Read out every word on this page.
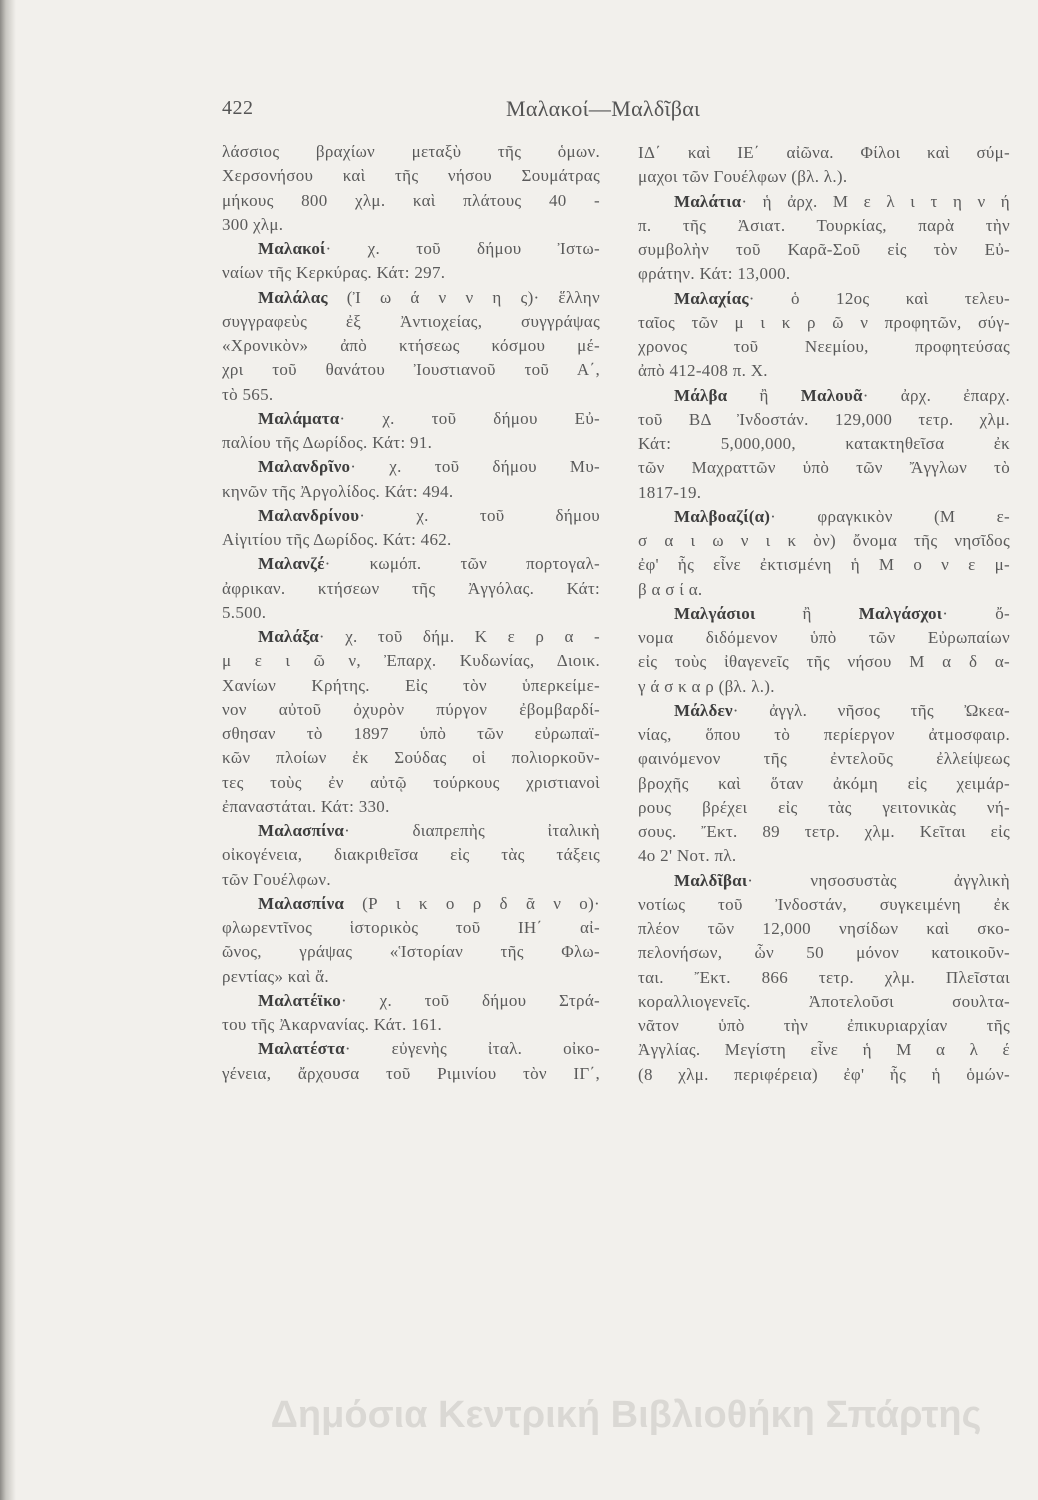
422	Μαλακοί—Μαλδῖβαι
λάσσιος βραχίων μεταξὺ τῆς ὁμων.
Χερσονήσου καὶ τῆς νήσου Σουμάτρας
μήκους 800 χλμ. καὶ πλάτους 40 -
300 χλμ.
Μαλακοί· χ. τοῦ δήμου Ἰστω-
ναίων τῆς Κερκύρας. Κάτ: 297.
Μαλάλας (Ἰ ω ά ν ν η ς)· ἕλλην
συγγραφεὺς ἐξ Ἀντιοχείας, συγγράψας
«Χρονικὸν» ἀπὸ κτήσεως κόσμου μέ-
χρι τοῦ θανάτου Ἰουστιανοῦ τοῦ Α΄,
τὸ 565.
Μαλάματα· χ. τοῦ δήμου Εὐ-
παλίου τῆς Δωρίδος. Κάτ: 91.
Μαλανδρῖνο· χ. τοῦ δήμου Μυ-
κηνῶν τῆς Ἀργολίδος. Κάτ: 494.
Μαλανδρίνου· χ. τοῦ δήμου
Αἰγιτίου τῆς Δωρίδος. Κάτ: 462.
Μαλανζέ· κωμόπ. τῶν πορτογαλ-
ἀφρικαν. κτήσεων τῆς Ἀγγόλας. Κάτ:
5.500.
Μαλάξα· χ. τοῦ δήμ. Κ ε ρ α -
μ ε ι ῶ ν, Ἐπαρχ. Κυδωνίας, Διοικ.
Χανίων Κρήτης. Εἰς τὸν ὑπερκείμε-
νον αὐτοῦ ὀχυρὸν πύργον ἐβομβαρδί-
σθησαν τὸ 1897 ὑπὸ τῶν εὐρωπαϊ-
κῶν πλοίων ἐκ Σούδας οἱ πολιορκοῦν-
τες τοὺς ἐν αὐτῷ τούρκους χριστιανοὶ
ἐπαναστάται. Κάτ: 330.
Μαλασπίνα· διαπρεπὴς ἰταλικὴ
οἰκογένεια, διακριθεῖσα εἰς τὰς τάξεις
τῶν Γουέλφων.
Μαλασπίνα (Ρ ι κ ο ρ δ ᾶ ν ο)·
φλωρεντῖνος ἱστορικὸς τοῦ ΙΗ΄ αἰ-
ῶνος, γράψας «Ἱστορίαν τῆς Φλω-
ρεντίας» καὶ ἄ.
Μαλατέϊκο· χ. τοῦ δήμου Στρά-
του τῆς Ἀκαρνανίας. Κάτ. 161.
Μαλατέστα· εὐγενὴς ἰταλ. οἰκο-
γένεια, ἄρχουσα τοῦ Ριμινίου τὸν ΙΓ΄,
ΙΔ΄ καὶ ΙΕ΄ αἰῶνα. Φίλοι καὶ σύμ-
μαχοι τῶν Γουέλφων (βλ. λ.).
Μαλάτια· ἡ ἀρχ. Μ ε λ ι τ η ν ή
π. τῆς Ἀσιατ. Τουρκίας, παρὰ τὴν
συμβολὴν τοῦ Καρᾶ-Σοῦ εἰς τὸν Εὐ-
φράτην. Κάτ: 13,000.
Μαλαχίας· ὁ 12ος καὶ τελευ-
ταῖος τῶν μ ι κ ρ ῶ ν προφητῶν, σύγ-
χρονος τοῦ Νεεμίου, προφητεύσας
ἀπὸ 412-408 π. Χ.
Μάλβα ἢ Μαλουᾶ· ἀρχ. ἐπαρχ.
τοῦ ΒΔ Ἰνδοστάν. 129,000 τετρ. χλμ.
Κάτ: 5,000,000, κατακτηθεῖσα ἐκ
τῶν Μαχραττῶν ὑπὸ τῶν Ἄγγλων τὸ
1817-19.
Μαλβοαζί(α)· φραγκικὸν (Μ ε-
σ α ι ω ν ι κ ὸν) ὄνομα τῆς νησῖδος
ἐφ' ἧς εἶνε ἐκτισμένη ἡ Μ ο ν ε μ-
β α σ ί α.
Μαλγάσιοι ἢ Μαλγάσχοι· ὄ-
νομα διδόμενον ὑπὸ τῶν Εὐρωπαίων
εἰς τοὺς ἰθαγενεῖς τῆς νήσου Μ α δ α-
γ ά σ κ α ρ (βλ. λ.).
Μάλδεν· ἀγγλ. νῆσος τῆς Ὠκεα-
νίας, ὅπου τὸ περίεργον ἀτμοσφαιρ.
φαινόμενον τῆς ἐντελοῦς ἐλλείψεως
βροχῆς καὶ ὅταν ἀκόμη εἰς χειμάρ-
ρους βρέχει εἰς τὰς γειτονικὰς νή-
σους. Ἔκτ. 89 τετρ. χλμ. Κεῖται εἰς
4ο 2' Νοτ. πλ.
Μαλδῖβαι· νησοσυστὰς ἀγγλικὴ
νοτίως τοῦ Ἰνδοστάν, συγκειμένη ἐκ
πλέον τῶν 12,000 νησίδων καὶ σκο-
πελονήσων, ὧν 50 μόνον κατοικοῦν-
ται. Ἔκτ. 866 τετρ. χλμ. Πλεῖσται
κοραλλιογενεῖς. Ἀποτελοῦσι σουλτα-
νᾶτον ὑπὸ τὴν ἐπικυριαρχίαν τῆς
Ἀγγλίας. Μεγίστη εἶνε ἡ Μ α λ έ
(8 χλμ. περιφέρεια) ἐφ' ἧς ἡ ὁμών-
Δημόσια Κεντρική Βιβλιοθήκη Σπάρτης
